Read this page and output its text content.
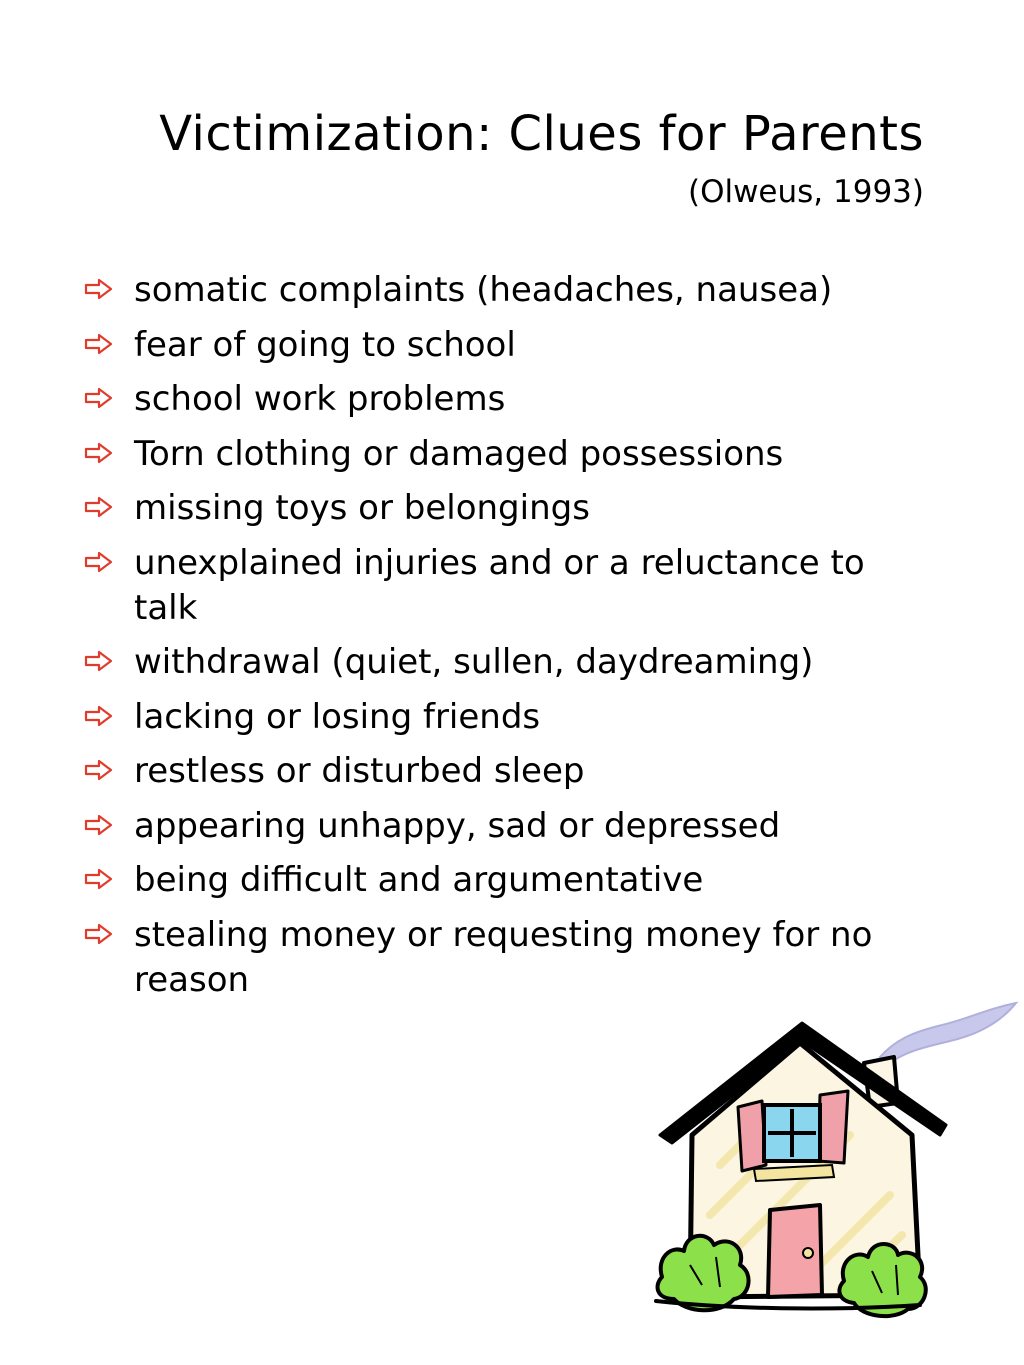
Victimization: Clues for Parents
(Olweus, 1993)
somatic complaints (headaches, nausea)
fear of going to school
school work problems
Torn clothing or damaged possessions
missing toys or belongings
unexplained injuries and or a reluctance to talk
withdrawal (quiet, sullen, daydreaming)
lacking or losing friends
restless or disturbed sleep
appearing unhappy, sad or depressed
being difficult and argumentative
stealing money or requesting money for no reason
